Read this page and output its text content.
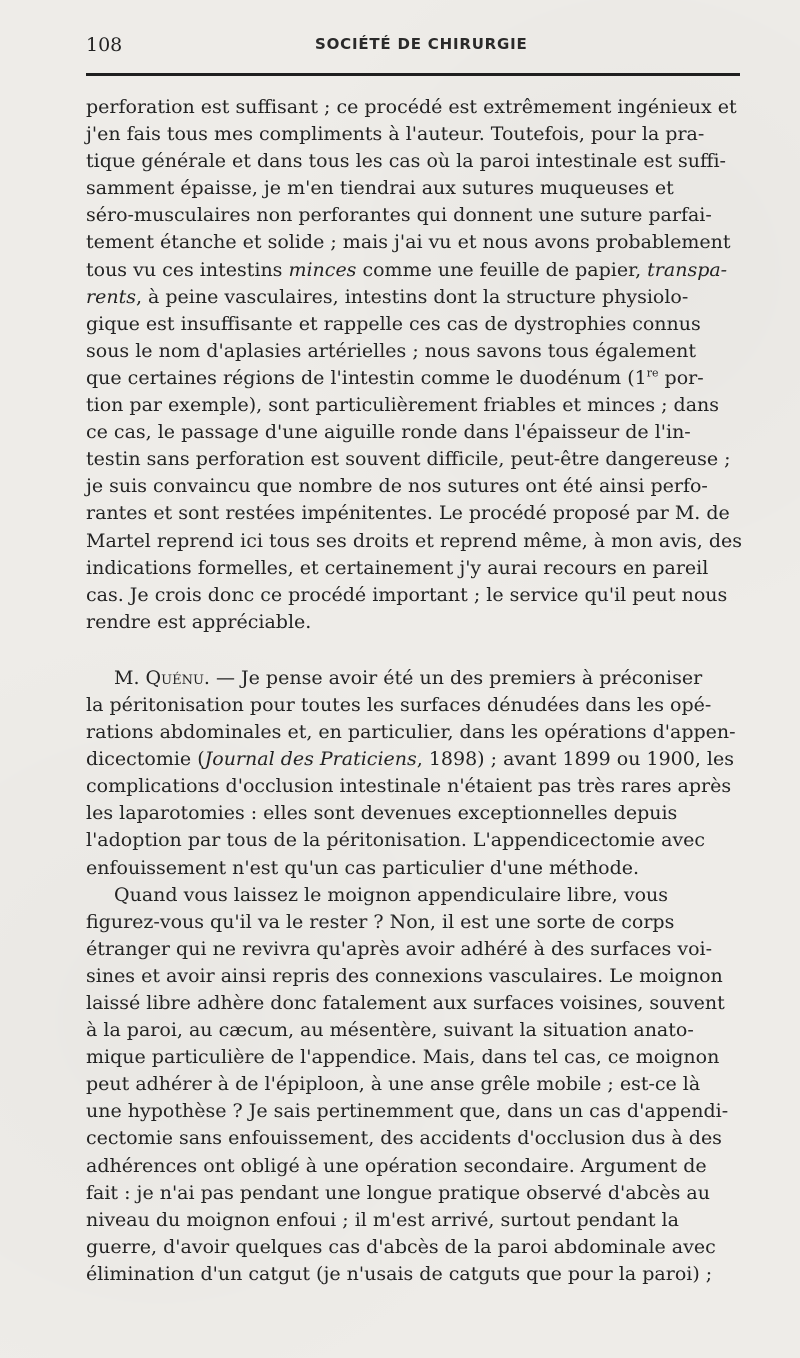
108	SOCIÉTÉ DE CHIRURGIE

perforation est suffisant ; ce procédé est extrêmement ingénieux et
j'en fais tous mes compliments à l'auteur. Toutefois, pour la pra-
tique générale et dans tous les cas où la paroi intestinale est suffi-
samment épaisse, je m'en tiendrai aux sutures muqueuses et
séro-musculaires non perforantes qui donnent une suture parfai-
tement étanche et solide ; mais j'ai vu et nous avons probablement
tous vu ces intestins minces comme une feuille de papier, transpa-
rents, à peine vasculaires, intestins dont la structure physiolo-
gique est insuffisante et rappelle ces cas de dystrophies connus
sous le nom d'aplasies artérielles ; nous savons tous également
que certaines régions de l'intestin comme le duodénum (1re por-
tion par exemple), sont particulièrement friables et minces ; dans
ce cas, le passage d'une aiguille ronde dans l'épaisseur de l'in-
testin sans perforation est souvent difficile, peut-être dangereuse ;
je suis convaincu que nombre de nos sutures ont été ainsi perfo-
rantes et sont restées impénitentes. Le procédé proposé par M. de
Martel reprend ici tous ses droits et reprend même, à mon avis, des
indications formelles, et certainement j'y aurai recours en pareil
cas. Je crois donc ce procédé important ; le service qu'il peut nous
rendre est appréciable.

M. Quénu. — Je pense avoir été un des premiers à préconiser
la péritonisation pour toutes les surfaces dénudées dans les opé-
rations abdominales et, en particulier, dans les opérations d'appen-
dicectomie (Journal des Praticiens, 1898) ; avant 1899 ou 1900, les
complications d'occlusion intestinale n'étaient pas très rares après
les laparotomies : elles sont devenues exceptionnelles depuis
l'adoption par tous de la péritonisation. L'appendicectomie avec
enfouissement n'est qu'un cas particulier d'une méthode.

Quand vous laissez le moignon appendiculaire libre, vous
figurez-vous qu'il va le rester ? Non, il est une sorte de corps
étranger qui ne revivra qu'après avoir adhéré à des surfaces voi-
sines et avoir ainsi repris des connexions vasculaires. Le moignon
laissé libre adhère donc fatalement aux surfaces voisines, souvent
à la paroi, au cæcum, au mésentère, suivant la situation anato-
mique particulière de l'appendice. Mais, dans tel cas, ce moignon
peut adhérer à de l'épiploon, à une anse grêle mobile ; est-ce là
une hypothèse ? Je sais pertinemment que, dans un cas d'appendi-
cectomie sans enfouissement, des accidents d'occlusion dus à des
adhérences ont obligé à une opération secondaire. Argument de
fait : je n'ai pas pendant une longue pratique observé d'abcès au
niveau du moignon enfoui ; il m'est arrivé, surtout pendant la
guerre, d'avoir quelques cas d'abcès de la paroi abdominale avec
élimination d'un catgut (je n'usais de catguts que pour la paroi) ;
